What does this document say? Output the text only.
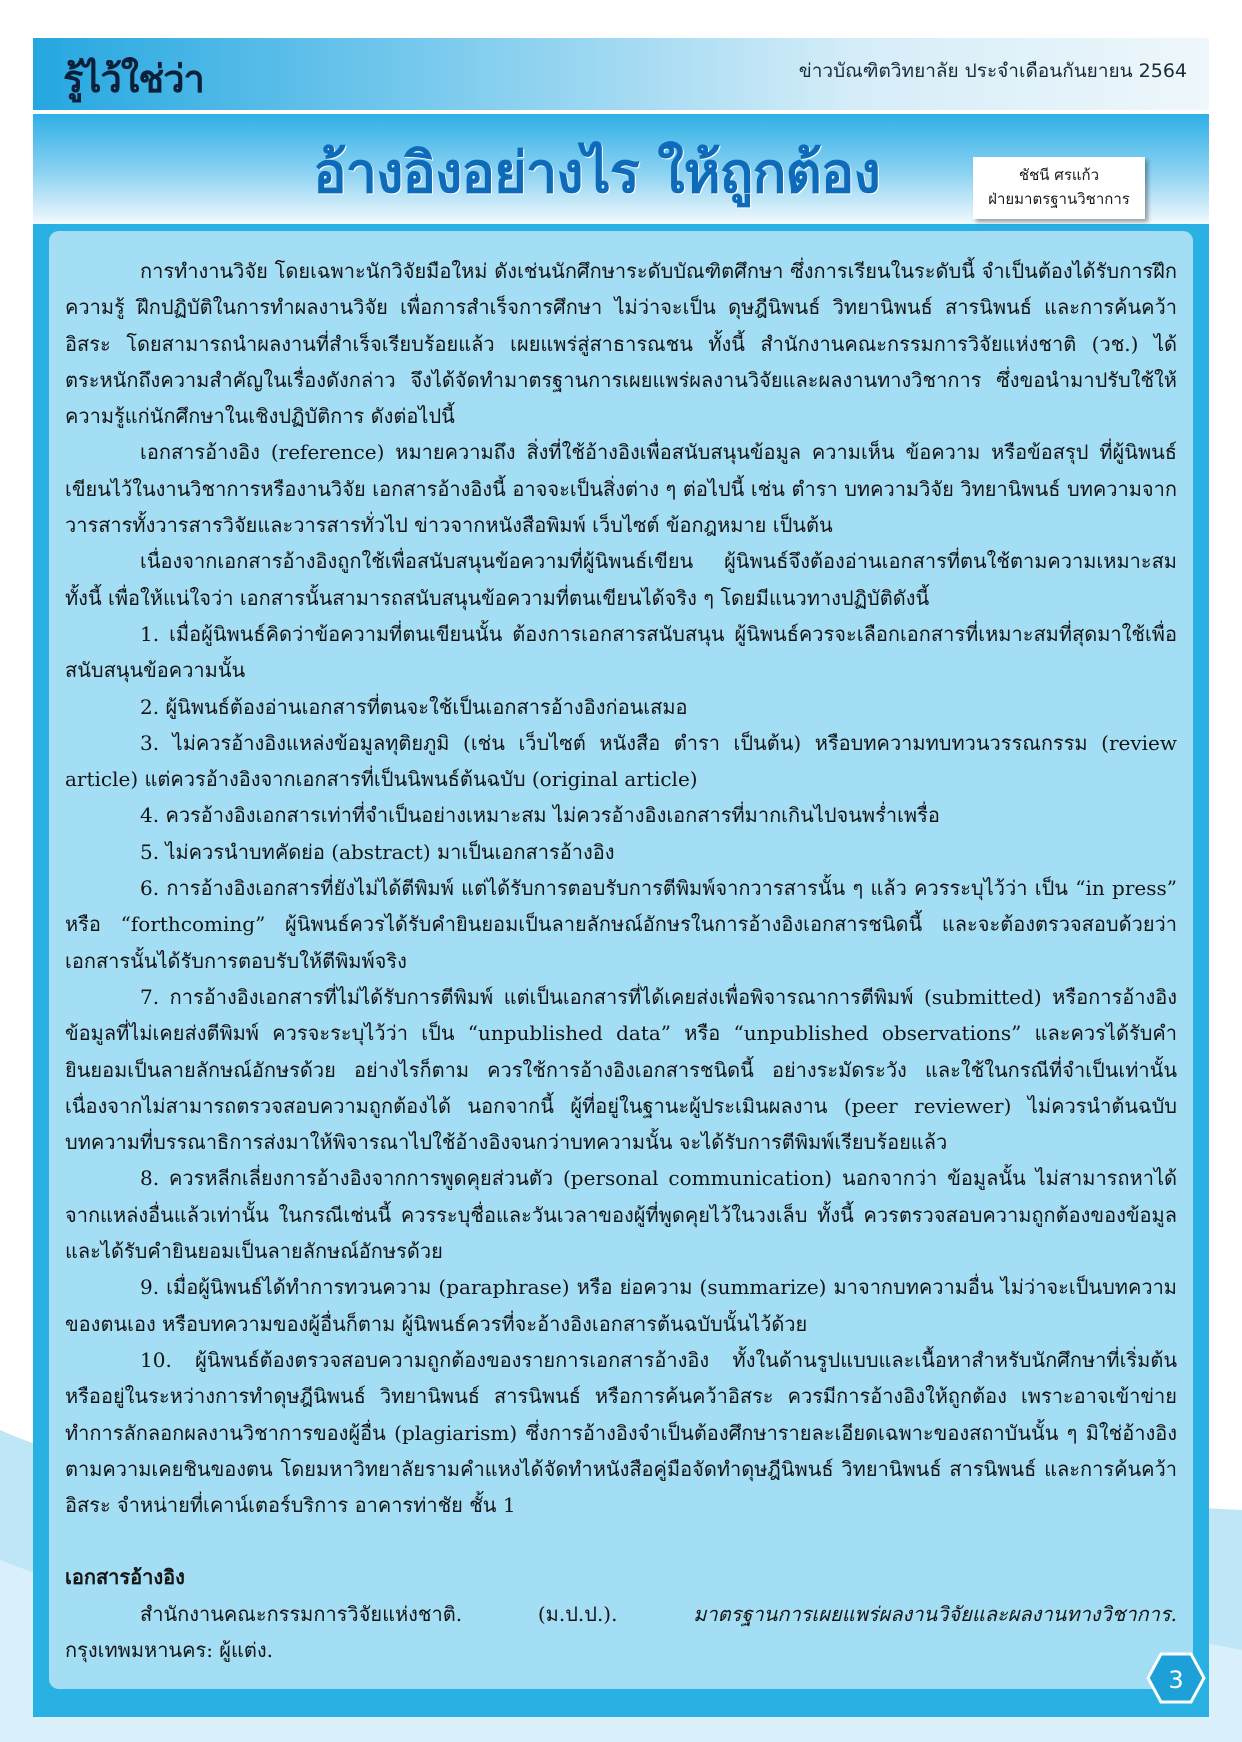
รู้ไว้ใช่ว่า	ข่าวบัณฑิตวิทยาลัย ประจำเดือนกันยายน 2564
อ้างอิงอย่างไร ให้ถูกต้อง	ชัชนี ศรแก้ว
ฝ่ายมาตรฐานวิชาการ

การทำงานวิจัย โดยเฉพาะนักวิจัยมือใหม่ ดังเช่นนักศึกษาระดับบัณฑิตศึกษา ซึ่งการเรียนในระดับนี้ จำเป็นต้องได้รับการฝึกความรู้ ฝึกปฏิบัติในการทำผลงานวิจัย เพื่อการสำเร็จการศึกษา ไม่ว่าจะเป็น ดุษฎีนิพนธ์ วิทยานิพนธ์ สารนิพนธ์ และการค้นคว้าอิสระ โดยสามารถนำผลงานที่สำเร็จเรียบร้อยแล้ว เผยแพร่สู่สาธารณชน ทั้งนี้ สำนักงานคณะกรรมการวิจัยแห่งชาติ (วช.) ได้ตระหนักถึงความสำคัญในเรื่องดังกล่าว จึงได้จัดทำมาตรฐานการเผยแพร่ผลงานวิจัยและผลงานทางวิชาการ ซึ่งขอนำมาปรับใช้ให้ความรู้แก่นักศึกษาในเชิงปฏิบัติการ ดังต่อไปนี้

เอกสารอ้างอิง (reference) หมายความถึง สิ่งที่ใช้อ้างอิงเพื่อสนับสนุนข้อมูล ความเห็น ข้อความ หรือข้อสรุป ที่ผู้นิพนธ์เขียนไว้ในงานวิชาการหรืองานวิจัย เอกสารอ้างอิงนี้ อาจจะเป็นสิ่งต่าง ๆ ต่อไปนี้ เช่น ตำรา บทความวิจัย วิทยานิพนธ์ บทความจากวารสารทั้งวารสารวิจัยและวารสารทั่วไป ข่าวจากหนังสือพิมพ์ เว็บไซต์ ข้อกฎหมาย เป็นต้น

เนื่องจากเอกสารอ้างอิงถูกใช้เพื่อสนับสนุนข้อความที่ผู้นิพนธ์เขียน ผู้นิพนธ์จึงต้องอ่านเอกสารที่ตนใช้ตามความเหมาะสม ทั้งนี้ เพื่อให้แน่ใจว่า เอกสารนั้นสามารถสนับสนุนข้อความที่ตนเขียนได้จริง ๆ โดยมีแนวทางปฏิบัติดังนี้

1. เมื่อผู้นิพนธ์คิดว่าข้อความที่ตนเขียนนั้น ต้องการเอกสารสนับสนุน ผู้นิพนธ์ควรจะเลือกเอกสารที่เหมาะสมที่สุดมาใช้เพื่อสนับสนุนข้อความนั้น

2. ผู้นิพนธ์ต้องอ่านเอกสารที่ตนจะใช้เป็นเอกสารอ้างอิงก่อนเสมอ

3. ไม่ควรอ้างอิงแหล่งข้อมูลทุติยภูมิ (เช่น เว็บไซต์ หนังสือ ตำรา เป็นต้น) หรือบทความทบทวนวรรณกรรม (review article) แต่ควรอ้างอิงจากเอกสารที่เป็นนิพนธ์ต้นฉบับ (original article)

4. ควรอ้างอิงเอกสารเท่าที่จำเป็นอย่างเหมาะสม ไม่ควรอ้างอิงเอกสารที่มากเกินไปจนพร่ำเพรื่อ

5. ไม่ควรนำบทคัดย่อ (abstract) มาเป็นเอกสารอ้างอิง

6. การอ้างอิงเอกสารที่ยังไม่ได้ตีพิมพ์ แต่ได้รับการตอบรับการตีพิมพ์จากวารสารนั้น ๆ แล้ว ควรระบุไว้ว่า เป็น “in press” หรือ “forthcoming” ผู้นิพนธ์ควรได้รับคำยินยอมเป็นลายลักษณ์อักษรในการอ้างอิงเอกสารชนิดนี้ และจะต้องตรวจสอบด้วยว่า เอกสารนั้นได้รับการตอบรับให้ตีพิมพ์จริง

7. การอ้างอิงเอกสารที่ไม่ได้รับการตีพิมพ์ แต่เป็นเอกสารที่ได้เคยส่งเพื่อพิจารณาการตีพิมพ์ (submitted) หรือการอ้างอิงข้อมูลที่ไม่เคยส่งตีพิมพ์ ควรจะระบุไว้ว่า เป็น “unpublished data” หรือ “unpublished observations” และควรได้รับคำยินยอมเป็นลายลักษณ์อักษรด้วย อย่างไรก็ตาม ควรใช้การอ้างอิงเอกสารชนิดนี้ อย่างระมัดระวัง และใช้ในกรณีที่จำเป็นเท่านั้น เนื่องจากไม่สามารถตรวจสอบความถูกต้องได้ นอกจากนี้ ผู้ที่อยู่ในฐานะผู้ประเมินผลงาน (peer reviewer) ไม่ควรนำต้นฉบับบทความที่บรรณาธิการส่งมาให้พิจารณาไปใช้อ้างอิงจนกว่าบทความนั้น จะได้รับการตีพิมพ์เรียบร้อยแล้ว

8. ควรหลีกเลี่ยงการอ้างอิงจากการพูดคุยส่วนตัว (personal communication) นอกจากว่า ข้อมูลนั้น ไม่สามารถหาได้จากแหล่งอื่นแล้วเท่านั้น ในกรณีเช่นนี้ ควรระบุชื่อและวันเวลาของผู้ที่พูดคุยไว้ในวงเล็บ ทั้งนี้ ควรตรวจสอบความถูกต้องของข้อมูลและได้รับคำยินยอมเป็นลายลักษณ์อักษรด้วย

9. เมื่อผู้นิพนธ์ได้ทำการทวนความ (paraphrase) หรือ ย่อความ (summarize) มาจากบทความอื่น ไม่ว่าจะเป็นบทความของตนเอง หรือบทความของผู้อื่นก็ตาม ผู้นิพนธ์ควรที่จะอ้างอิงเอกสารต้นฉบับนั้นไว้ด้วย

10. ผู้นิพนธ์ต้องตรวจสอบความถูกต้องของรายการเอกสารอ้างอิง ทั้งในด้านรูปแบบและเนื้อหาสำหรับนักศึกษาที่เริ่มต้นหรืออยู่ในระหว่างการทำดุษฎีนิพนธ์ วิทยานิพนธ์ สารนิพนธ์ หรือการค้นคว้าอิสระ ควรมีการอ้างอิงให้ถูกต้อง เพราะอาจเข้าข่ายทำการลักลอกผลงานวิชาการของผู้อื่น (plagiarism) ซึ่งการอ้างอิงจำเป็นต้องศึกษารายละเอียดเฉพาะของสถาบันนั้น ๆ มิใช่อ้างอิงตามความเคยชินของตน โดยมหาวิทยาลัยรามคำแหงได้จัดทำหนังสือคู่มือจัดทำดุษฎีนิพนธ์ วิทยานิพนธ์ สารนิพนธ์ และการค้นคว้าอิสระ จำหน่ายที่เคาน์เตอร์บริการ อาคารท่าชัย ชั้น 1

เอกสารอ้างอิง

สำนักงานคณะกรรมการวิจัยแห่งชาติ. (ม.ป.ป.). มาตรฐานการเผยแพร่ผลงานวิจัยและผลงานทางวิชาการ. กรุงเทพมหานคร: ผู้แต่ง.

3
